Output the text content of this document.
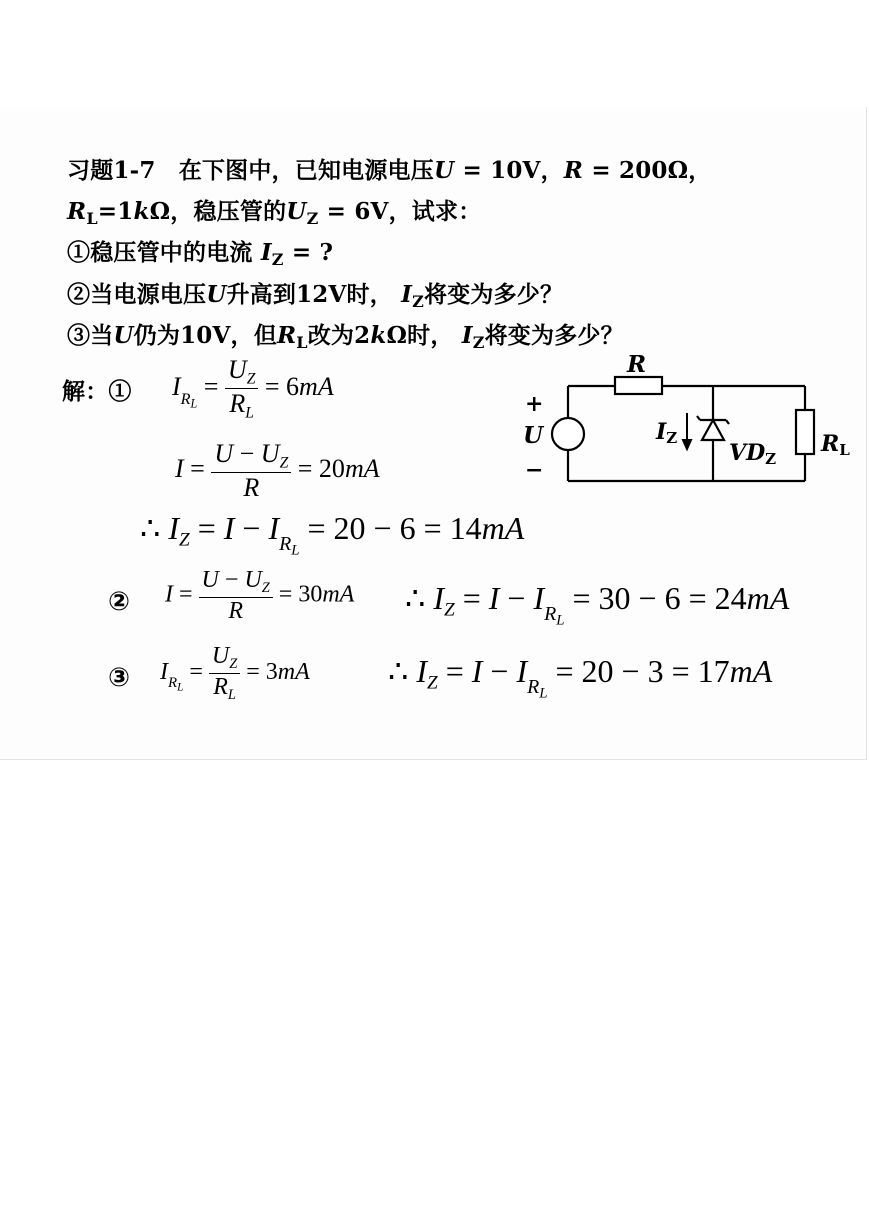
习题1-7　在下图中，已知电源电压U = 10V，R = 200Ω，
$R_L=1k\Omega$，稳压管的$U_Z = 6V$，试求：
①稳压管中的电流 $I_Z$ = ?
②当电源电压U升高到12V时， $I_Z$将变为多少？
③当U仍为10V，但$R_L$改为2kΩ时， $I_Z$将变为多少？
解：① $I_{R_L} = \frac{U_Z}{R_L} = 6mA$
$I = \frac{U - U_Z}{R} = 20mA$
∴ $I_Z = I - I_{R_L} = 20 - 6 = 14mA$
② $I = \frac{U - U_Z}{R} = 30mA$ ∴ $I_Z = I - I_{R_L} = 30 - 6 = 24mA$
③ $I_{R_L} = \frac{U_Z}{R_L} = 3mA$ ∴ $I_Z = I - I_{R_L} = 20 - 3 = 17mA$
R
+
U
−
IZ
VDZ
RL
